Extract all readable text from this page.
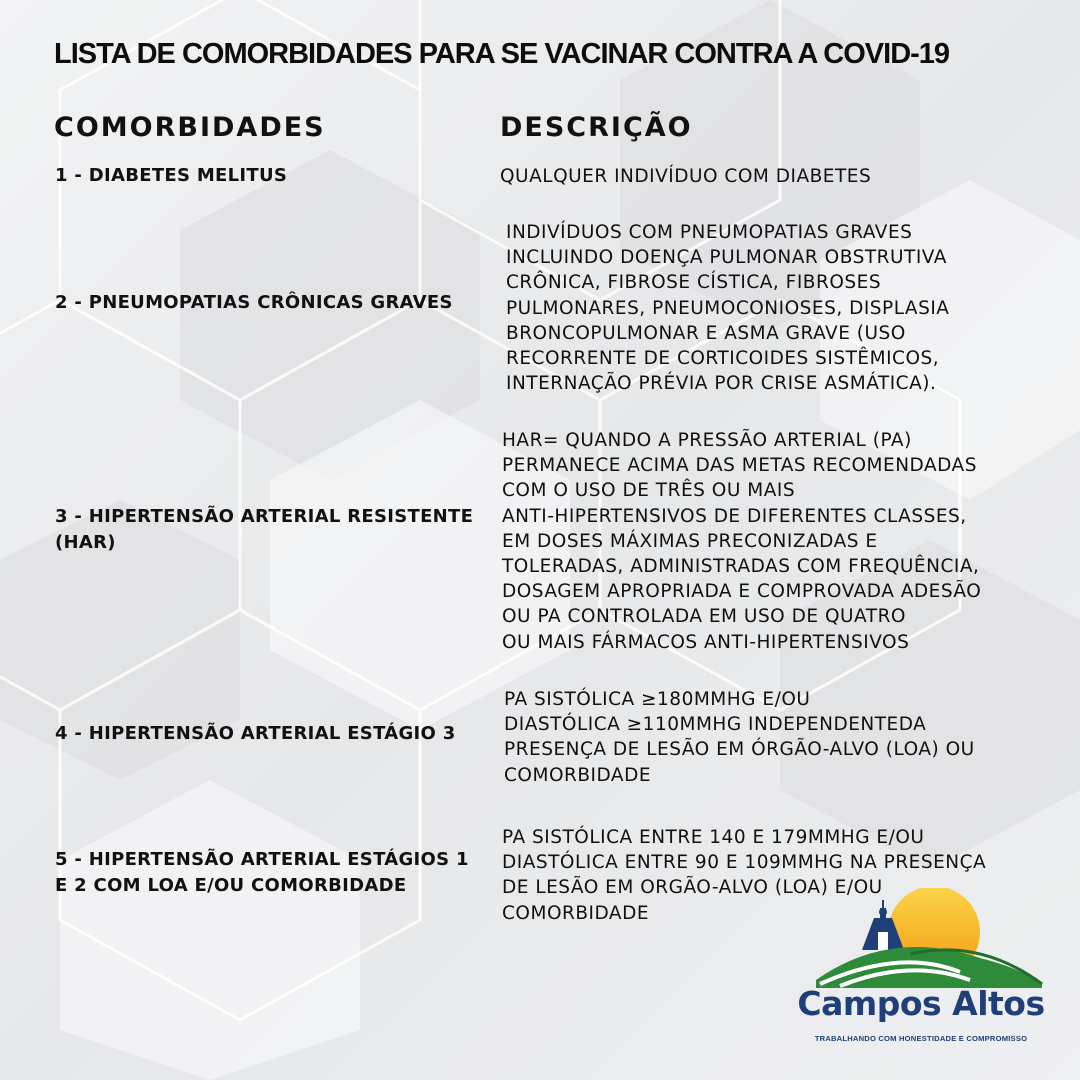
LISTA DE COMORBIDADES PARA SE VACINAR CONTRA A COVID-19
COMORBIDADES	DESCRIÇÃO
1 - DIABETES MELITUS	QUALQUER INDIVÍDUO COM DIABETES
2 - PNEUMOPATIAS CRÔNICAS GRAVES
INDIVÍDUOS COM PNEUMOPATIAS GRAVES
INCLUINDO DOENÇA PULMONAR OBSTRUTIVA
CRÔNICA, FIBROSE CÍSTICA, FIBROSES
PULMONARES, PNEUMOCONIOSES, DISPLASIA
BRONCOPULMONAR E ASMA GRAVE (USO
RECORRENTE DE CORTICOIDES SISTÊMICOS,
INTERNAÇÃO PRÉVIA POR CRISE ASMÁTICA).
3 - HIPERTENSÃO ARTERIAL RESISTENTE (HAR)
HAR= QUANDO A PRESSÃO ARTERIAL (PA)
PERMANECE ACIMA DAS METAS RECOMENDADAS
COM O USO DE TRÊS OU MAIS
ANTI-HIPERTENSIVOS DE DIFERENTES CLASSES,
EM DOSES MÁXIMAS PRECONIZADAS E
TOLERADAS, ADMINISTRADAS COM FREQUÊNCIA,
DOSAGEM APROPRIADA E COMPROVADA ADESÃO
OU PA CONTROLADA EM USO DE QUATRO
OU MAIS FÁRMACOS ANTI-HIPERTENSIVOS
4 - HIPERTENSÃO ARTERIAL ESTÁGIO 3
PA SISTÓLICA ≥180MMHG E/OU
DIASTÓLICA ≥110MMHG INDEPENDENTEDA
PRESENÇA DE LESÃO EM ÓRGÃO-ALVO (LOA) OU
COMORBIDADE
5 - HIPERTENSÃO ARTERIAL ESTÁGIOS 1 E 2 COM LOA E/OU COMORBIDADE
PA SISTÓLICA ENTRE 140 E 179MMHG E/OU
DIASTÓLICA ENTRE 90 E 109MMHG NA PRESENÇA
DE LESÃO EM ORGÃO-ALVO (LOA) E/OU
COMORBIDADE
Campos Altos
TRABALHANDO COM HONESTIDADE E COMPROMISSO
